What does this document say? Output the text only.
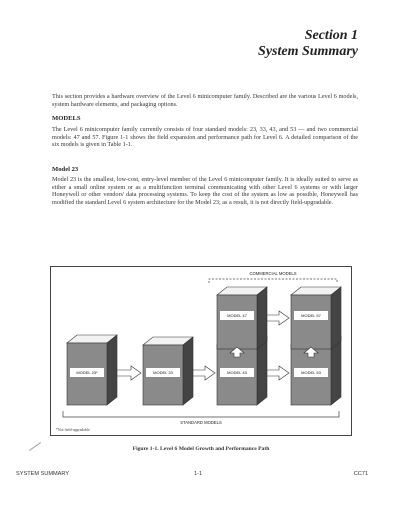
Section 1
System Summary
This section provides a hardware overview of the Level 6 minicomputer family. Described are the various Level 6 models, system hardware elements, and packaging options.
MODELS
The Level 6 minicomputer family currently consists of four standard models: 23, 33, 43, and 53 — and two commercial models: 47 and 57. Figure 1-1 shows the field expansion and performance path for Level 6. A detailed comparison of the six models is given in Table 1-1.
Model 23
Model 23 is the smallest, low-cost, entry-level member of the Level 6 minicomputer family. It is ideally suited to serve as either a small online system or as a multifunction terminal communicating with other Level 6 systems or with larger Honeywell or other vendors' data processing systems. To keep the cost of the system as low as possible, Honeywell has modified the standard Level 6 system architecture for the Model 23; as a result, it is not directly field-upgradable.
COMMERCIAL MODELS
STANDARD MODELS
MODEL 23*	MODEL 33	MODEL 43	MODEL 53
MODEL 47	MODEL 57
*Not field-upgradable
Figure 1-1. Level 6 Model Growth and Performance Path
SYSTEM SUMMARY	1-1	CC71
